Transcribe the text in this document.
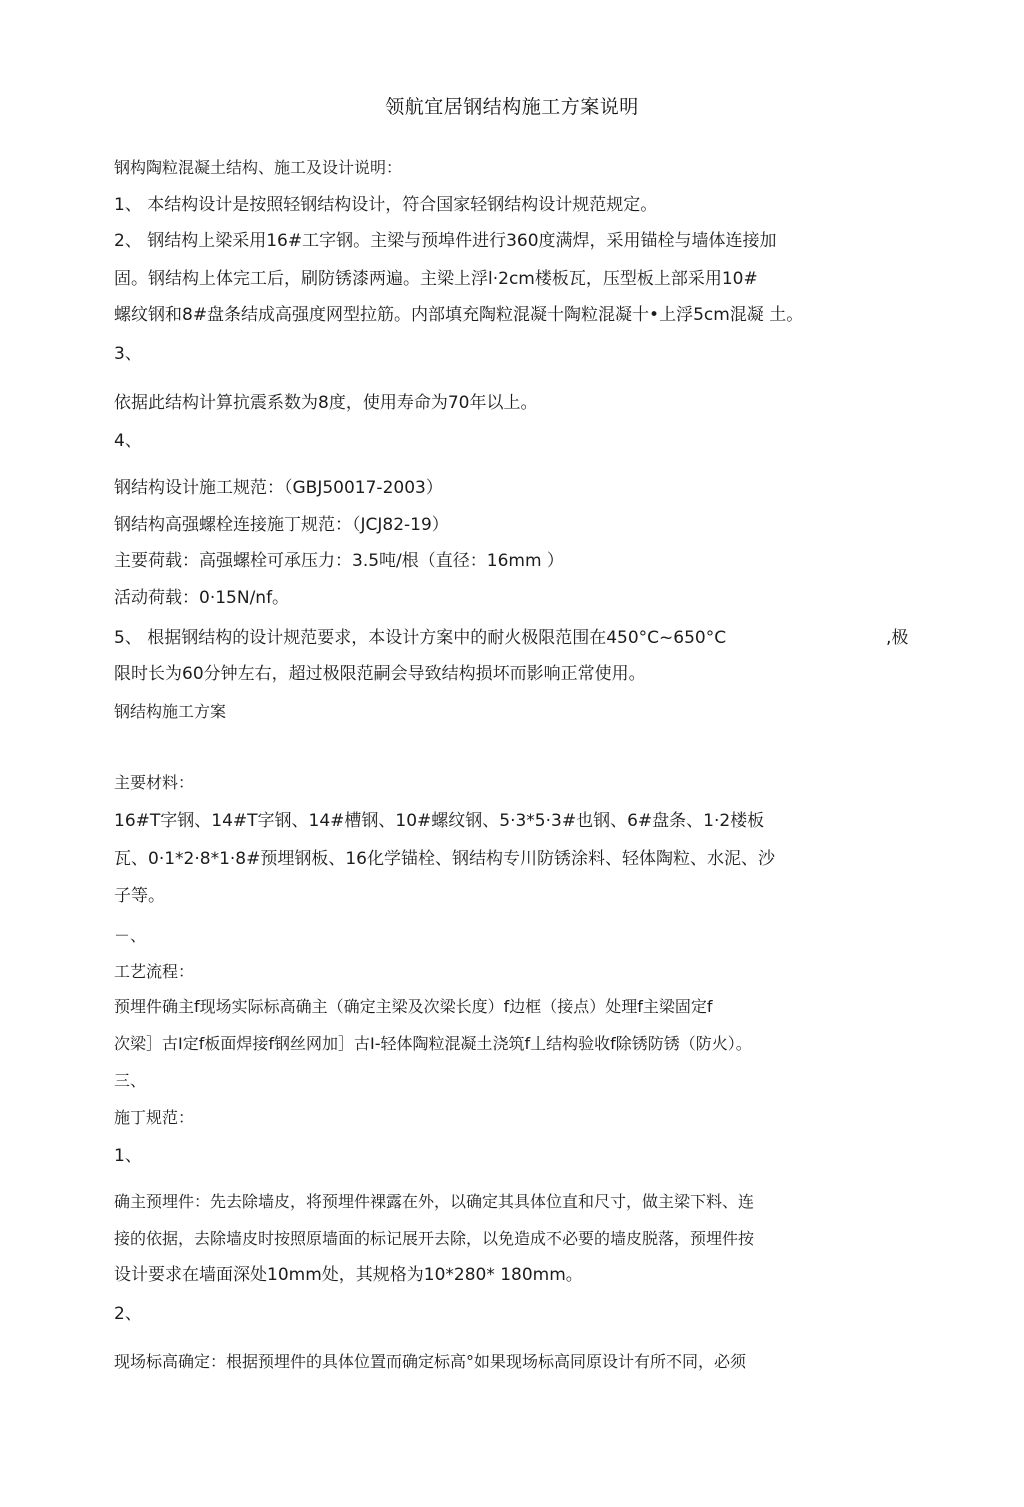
领航宜居钢结构施工方案说明
钢构陶粒混凝土结构、施工及设计说明：
1、 本结构设计是按照轻钢结构设计，符合国家轻钢结构设计规范规定。
2、 钢结构上梁采用16#工字钢。主梁与预埠件进行360度满焊，采用锚栓与墙体连接加
固。钢结构上体完工后，刷防锈漆两遍。主梁上浮l·2cm楼板瓦，压型板上部采用10#
螺纹钢和8#盘条结成高强度网型拉筋。内部填充陶粒混凝十陶粒混凝十•上浮5cm混凝 土。
3、
依据此结构计算抗震系数为8度，使用寿命为70年以上。
4、
钢结构设计施工规范：（GBJ50017-2003）
钢结构高强螺栓连接施丁规范：（JCJ82-19）
主要荷载：高强螺栓可承压力：3.5吨/根（直径：16mm ）
活动荷载：0·15N/nf。
5、 根据钢结构的设计规范要求，本设计方案中的耐火极限范围在450°C~650°C	,极
限时长为60分钟左右，超过极限范嗣会导致结构损坏而影响正常使用。
钢结构施工方案
主要材料：
16#T字钢、14#T字钢、14#槽钢、10#螺纹钢、5·3*5·3#也钢、6#盘条、1·2楼板
瓦、0·1*2·8*1·8#预埋钢板、16化学锚栓、钢结构专川防锈涂料、轻体陶粒、水泥、沙
子等。
－、
工艺流程：
预埋件确主f现场实际标高确主（确定主梁及次梁长度）f边框（接点）处理f主梁固定f
次梁］古I定f板面焊接f钢丝网加］古I-轻体陶粒混凝土浇筑f丄结构验收f除锈防锈（防火）。
三、
施丁规范：
1、
确主预埋件：先去除墙皮，将预埋件裸露在外，以确定其具体位直和尺寸，做主梁下料、连
接的依据，去除墙皮时按照原墙面的标记展开去除，以免造成不必要的墙皮脱落，预埋件按
设计要求在墙面深处10mm处，其规格为10*280* 180mm。
2、
现场标高确定：根据预埋件的具体位置而确定标高°如果现场标高同原设计有所不同，必须
